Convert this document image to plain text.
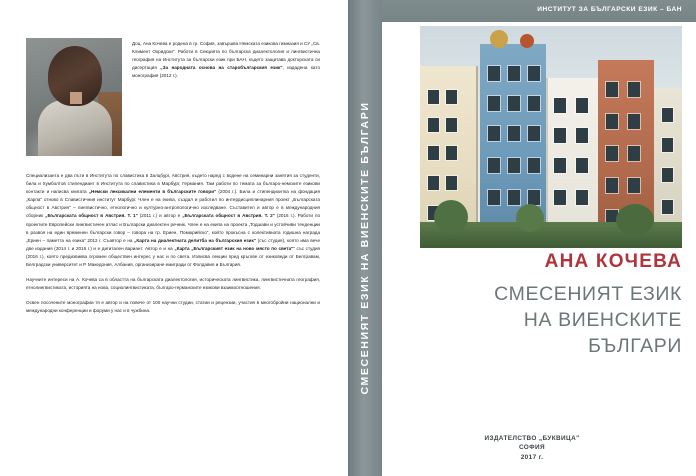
Доц. Ана Кочева е родена в гр. София, завършва Немската езикова гимназия и СУ „Св. Климент Охридски". Работи в Секцията по българска диалектология и лингвистична география на Института за български език при БАН, където защитава докторската си дисертация „За народната основа на старобългарския език", издадена като монография (2012 г.).

Специализанта е два пъти в Института по славистика в Залцбург, Австрия, където наред с водене на семинарни занятия за студенти, била и Хумболтов стипендиант в Института по славистика в Марбург, Германия. Там работи по темата за българо-немските езикови контакти и написва книгата „Немски лексикални елементи в българските говори" (2004 г.). Била и стипендиантка на фондация „Карпа" отново в Славистичния институт Марбург. Член е на екипа, създал и работил по интердисциплинарния проект „Българската общност в Австрия" – лингвистично, етнологично и културно-антропологично изследване. Съставител и автор е в международния сборник „Българската общност в Австрия. Т. 1" (2011 г.) и автор е „Българската общност в Австрия. Т. 2" (2016 г.). Работи по проектите Европейски лингвистичен атлас и Български диалектен речник. Член е на екипа на проекта „Тодшави и устойчиви тенденции в развоя на един временен български говор – говора на гр. Ериен, Помюрийско", който прокъсна с колективната годишна награда „Ериен – паметта на езика" 2012 г. Съавтор е на „Карта на диалектната делитба на българския език" (със студия), която има вече две издания (2014 г. и 2016 г.) и е дигитален вариант. Автор е и на „Карта „Българският език на ново място по света"" със студия (2016 г.), която предизвиква огромен обществен интерес у нас и по света. Изписва лекции пред кръгове от езиковеди от Белгравам, Белградски университет и Р. Македония, Албания, организиране емигради от Фолдавия и България.

Научните интереси на А. Кочева са в областта на българската диалектология, историческата лингвистика, лингвистичната география, етнолингвистиката, историята на нова, социолингвистиката, българо-германските езикови взаимоотношения.

Освен посочените монографии тя е автор и на повече от 100 научни студии, статии и рецензии, участия в многобройни национални и международни конференции и форуми у нас и в чужбина.	СМЕСЕНИЯТ ЕЗИК НА ВИЕНСКИТЕ БЪЛГАРИ
ИНСТИТУТ ЗА БЪЛГАРСКИ ЕЗИК – БАН
АНА КОЧЕВА
СМЕСЕНИЯТ ЕЗИК
НА ВИЕНСКИТЕ
БЪЛГАРИ
ИЗДАТЕЛСТВО „БУКВИЦА"
СОФИЯ
2017 г.
